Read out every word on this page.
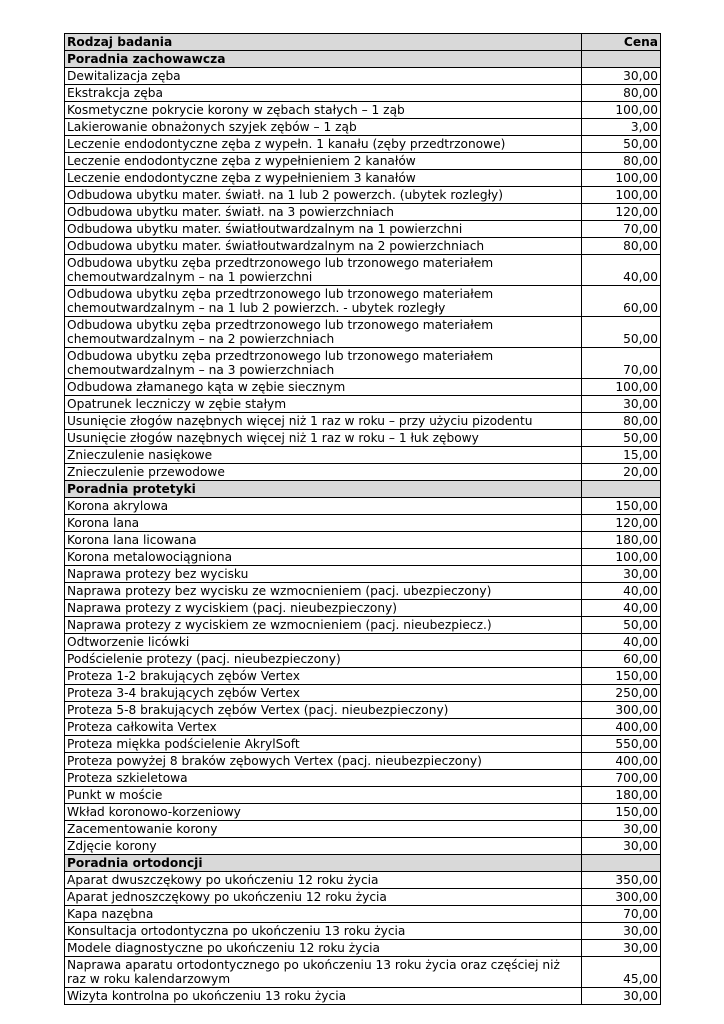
Rodzaj badania	Cena
Poradnia zachowawcza	
Dewitalizacja zęba	30,00
Ekstrakcja zęba	80,00
Kosmetyczne pokrycie korony w zębach stałych – 1 ząb	100,00
Lakierowanie obnażonych szyjek zębów – 1 ząb	3,00
Leczenie endodontyczne zęba z wypełn. 1 kanału (zęby przedtrzonowe)	50,00
Leczenie endodontyczne zęba z wypełnieniem 2 kanałów	80,00
Leczenie endodontyczne zęba z wypełnieniem 3 kanałów	100,00
Odbudowa ubytku mater. światł. na 1 lub 2 powerzch. (ubytek rozległy)	100,00
Odbudowa ubytku mater. światł. na 3 powierzchniach	120,00
Odbudowa ubytku mater. światłoutwardzalnym na 1 powierzchni	70,00
Odbudowa ubytku mater. światłoutwardzalnym na 2 powierzchniach	80,00
Odbudowa ubytku zęba przedtrzonowego lub trzonowego materiałem chemoutwardzalnym – na 1 powierzchni	40,00
Odbudowa ubytku zęba przedtrzonowego lub trzonowego materiałem chemoutwardzalnym – na 1 lub 2 powierzch. - ubytek rozległy	60,00
Odbudowa ubytku zęba przedtrzonowego lub trzonowego materiałem chemoutwardzalnym – na 2 powierzchniach	50,00
Odbudowa ubytku zęba przedtrzonowego lub trzonowego materiałem chemoutwardzalnym – na 3 powierzchniach	70,00
Odbudowa złamanego kąta w zębie siecznym	100,00
Opatrunek leczniczy w zębie stałym	30,00
Usunięcie złogów nazębnych więcej niż 1 raz w roku – przy użyciu pizodentu	80,00
Usunięcie złogów nazębnych więcej niż 1 raz w roku – 1 łuk zębowy	50,00
Znieczulenie nasiękowe	15,00
Znieczulenie przewodowe	20,00
Poradnia protetyki	
Korona akrylowa	150,00
Korona lana	120,00
Korona lana licowana	180,00
Korona metalowociągniona	100,00
Naprawa protezy bez wycisku	30,00
Naprawa protezy bez wycisku ze wzmocnieniem (pacj. ubezpieczony)	40,00
Naprawa protezy z wyciskiem (pacj. nieubezpieczony)	40,00
Naprawa protezy z wyciskiem ze wzmocnieniem (pacj. nieubezpiecz.)	50,00
Odtworzenie licówki	40,00
Podścielenie protezy (pacj. nieubezpieczony)	60,00
Proteza 1-2 brakujących zębów Vertex	150,00
Proteza 3-4 brakujących zębów Vertex	250,00
Proteza 5-8 brakujących zębów Vertex (pacj. nieubezpieczony)	300,00
Proteza całkowita Vertex	400,00
Proteza miękka podścielenie AkrylSoft	550,00
Proteza powyżej 8 braków zębowych Vertex (pacj. nieubezpieczony)	400,00
Proteza szkieletowa	700,00
Punkt w moście	180,00
Wkład koronowo-korzeniowy	150,00
Zacementowanie korony	30,00
Zdjęcie korony	30,00
Poradnia ortodoncji	
Aparat dwuszczękowy po ukończeniu 12 roku życia	350,00
Aparat jednoszczękowy po ukończeniu 12 roku życia	300,00
Kapa nazębna	70,00
Konsultacja ortodontyczna po ukończeniu 13 roku życia	30,00
Modele diagnostyczne po ukończeniu 12 roku życia	30,00
Naprawa aparatu ortodontycznego po ukończeniu 13 roku życia oraz częściej niż raz w roku kalendarzowym	45,00
Wizyta kontrolna po ukończeniu 13 roku życia	30,00
